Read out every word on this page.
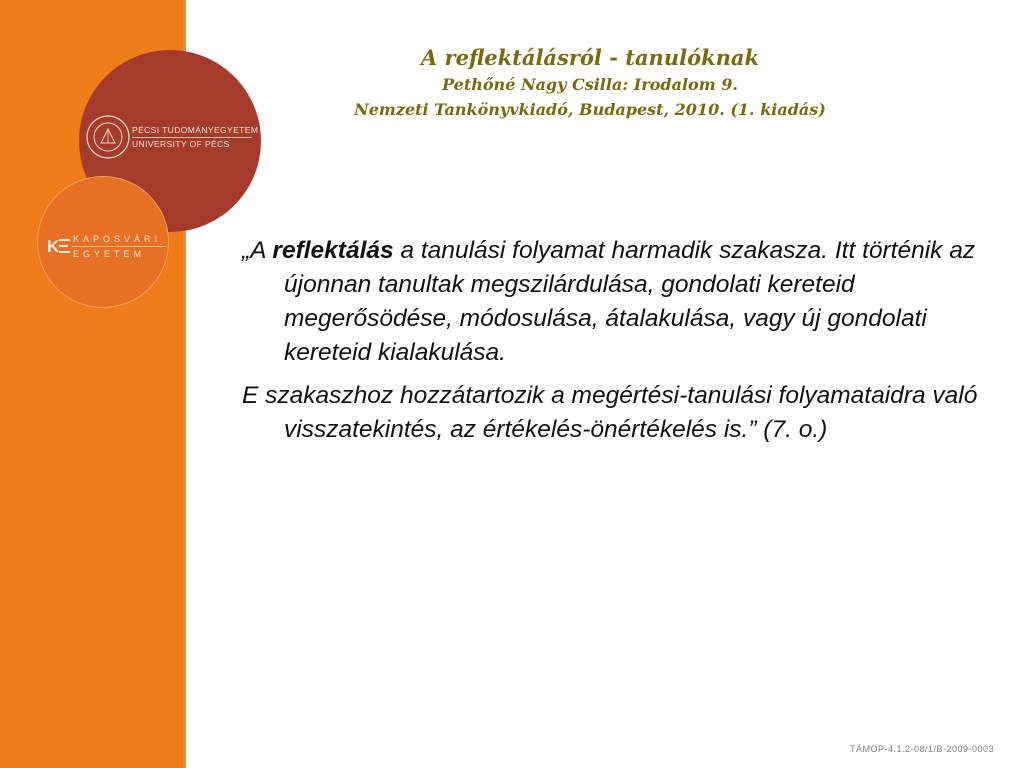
PÉCSI TUDOMÁNYEGYETEM
UNIVERSITY OF PÉCS
K KAPOSVÁRI
EGYETEM
A reflektálásról - tanulóknak
Pethőné Nagy Csilla: Irodalom 9.
Nemzeti Tankönyvkiadó, Budapest, 2010. (1. kiadás)

„A reflektálás a tanulási folyamat harmadik szakasza. Itt történik az újonnan tanultak megszilárdulása, gondolati kereteid megerősödése, módosulása, átalakulása, vagy új gondolati kereteid kialakulása.

E szakaszhoz hozzátartozik a megértési-tanulási folyamataidra való visszatekintés, az értékelés-önértékelés is.” (7. o.)

TÁMOP-4.1.2-08/1/B-2009-0003
